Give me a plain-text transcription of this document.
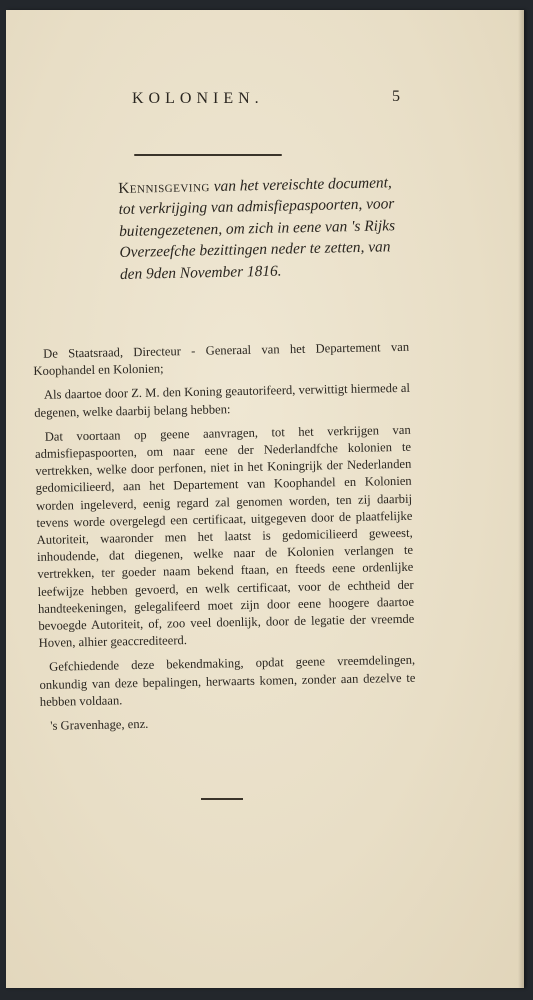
KOLONIEN.	5
Kennisgeving van het vereischte document, tot verkrijging van admisfiepaspoorten, voor buitengezetenen, om zich in eene van 's Rijks Overzeefche bezittingen neder te zetten, van den 9den November 1816.

De Staatsraad, Directeur - Generaal van het Departement van Koophandel en Kolonien;

Als daartoe door Z. M. den Koning geautorifeerd, verwittigt hiermede al degenen, welke daarbij belang hebben:

Dat voortaan op geene aanvragen, tot het verkrijgen van admisfiepaspoorten, om naar eene der Nederlandfche kolonien te vertrekken, welke door perfonen, niet in het Koningrijk der Nederlanden gedomicilieerd, aan het Departement van Koophandel en Kolonien worden ingeleverd, eenig regard zal genomen worden, ten zij daarbij tevens worde overgelegd een certificaat, uitgegeven door de plaatfelijke Autoriteit, waaronder men het laatst is gedomicilieerd geweest, inhoudende, dat diegenen, welke naar de Kolonien verlangen te vertrekken, ter goeder naam bekend ftaan, en fteeds eene ordenlijke leefwijze hebben gevoerd, en welk certificaat, voor de echtheid der handteekeningen, gelegalifeerd moet zijn door eene hoogere daartoe bevoegde Autoriteit, of, zoo veel doenlijk, door de legatie der vreemde Hoven, alhier geaccrediteerd.

Gefchiedende deze bekendmaking, opdat geene vreemdelingen, onkundig van deze bepalingen, herwaarts komen, zonder aan dezelve te hebben voldaan.

's Gravenhage, enz.
